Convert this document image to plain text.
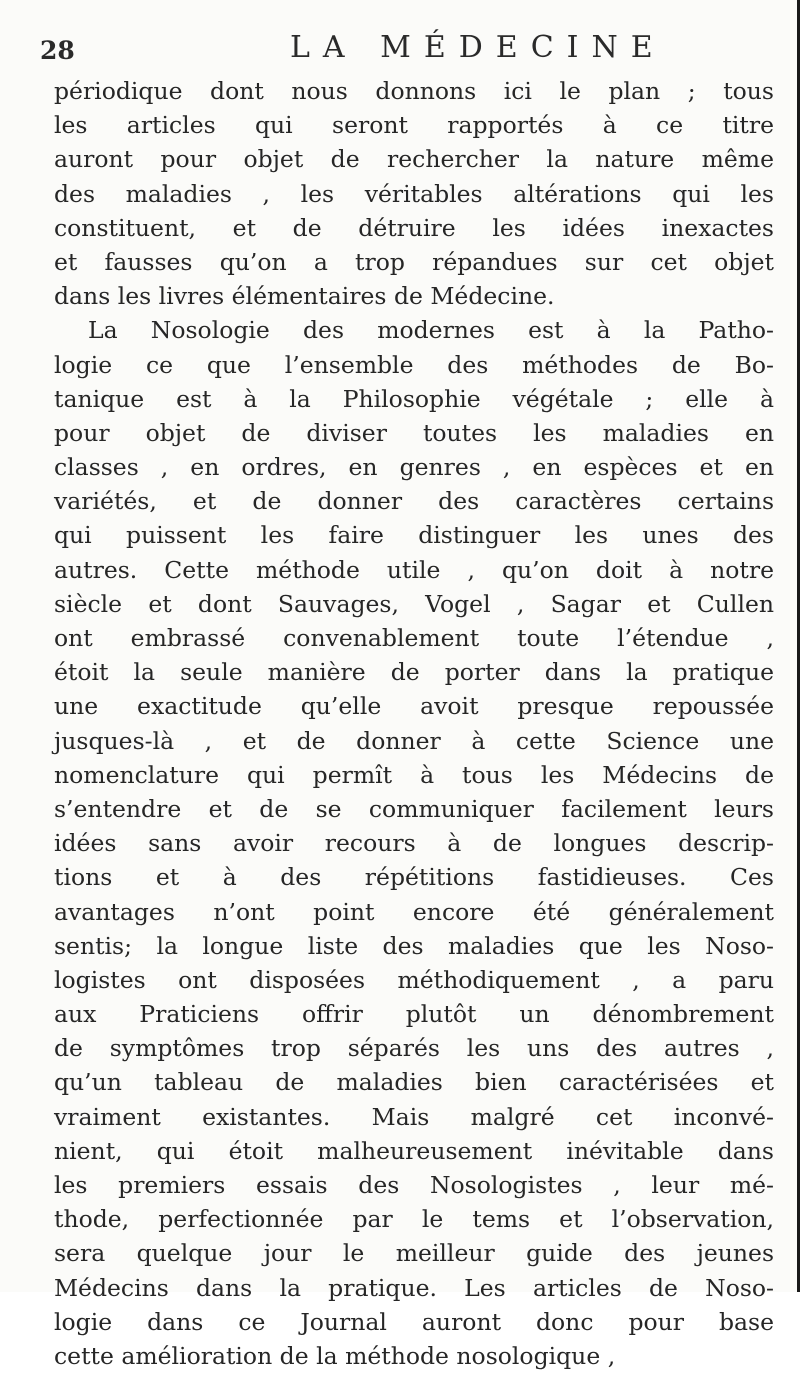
28	LA MÉDECINE
périodique dont nous donnons ici le plan ; tous
les articles qui seront rapportés à ce titre
auront pour objet de rechercher la nature même
des maladies , les véritables altérations qui les
constituent, et de détruire les idées inexactes
et fausses qu’on a trop répandues sur cet objet
dans les livres élémentaires de Médecine.
La Nosologie des modernes est à la Patho-
logie ce que l’ensemble des méthodes de Bo-
tanique est à la Philosophie végétale ; elle à
pour objet de diviser toutes les maladies en
classes , en ordres, en genres , en espèces et en
variétés, et de donner des caractères certains
qui puissent les faire distinguer les unes des
autres. Cette méthode utile , qu’on doit à notre
siècle et dont Sauvages, Vogel , Sagar et Cullen
ont embrassé convenablement toute l’étendue ,
étoit la seule manière de porter dans la pratique
une exactitude qu’elle avoit presque repoussée
jusques-là , et de donner à cette Science une
nomenclature qui permît à tous les Médecins de
s’entendre et de se communiquer facilement leurs
idées sans avoir recours à de longues descrip-
tions et à des répétitions fastidieuses. Ces
avantages n’ont point encore été généralement
sentis; la longue liste des maladies que les Noso-
logistes ont disposées méthodiquement , a paru
aux Praticiens offrir plutôt un dénombrement
de symptômes trop séparés les uns des autres ,
qu’un tableau de maladies bien caractérisées et
vraiment existantes. Mais malgré cet inconvé-
nient, qui étoit malheureusement inévitable dans
les premiers essais des Nosologistes , leur mé-
thode, perfectionnée par le tems et l’observation,
sera quelque jour le meilleur guide des jeunes
Médecins dans la pratique. Les articles de Noso-
logie dans ce Journal auront donc pour base
cette amélioration de la méthode nosologique ,
